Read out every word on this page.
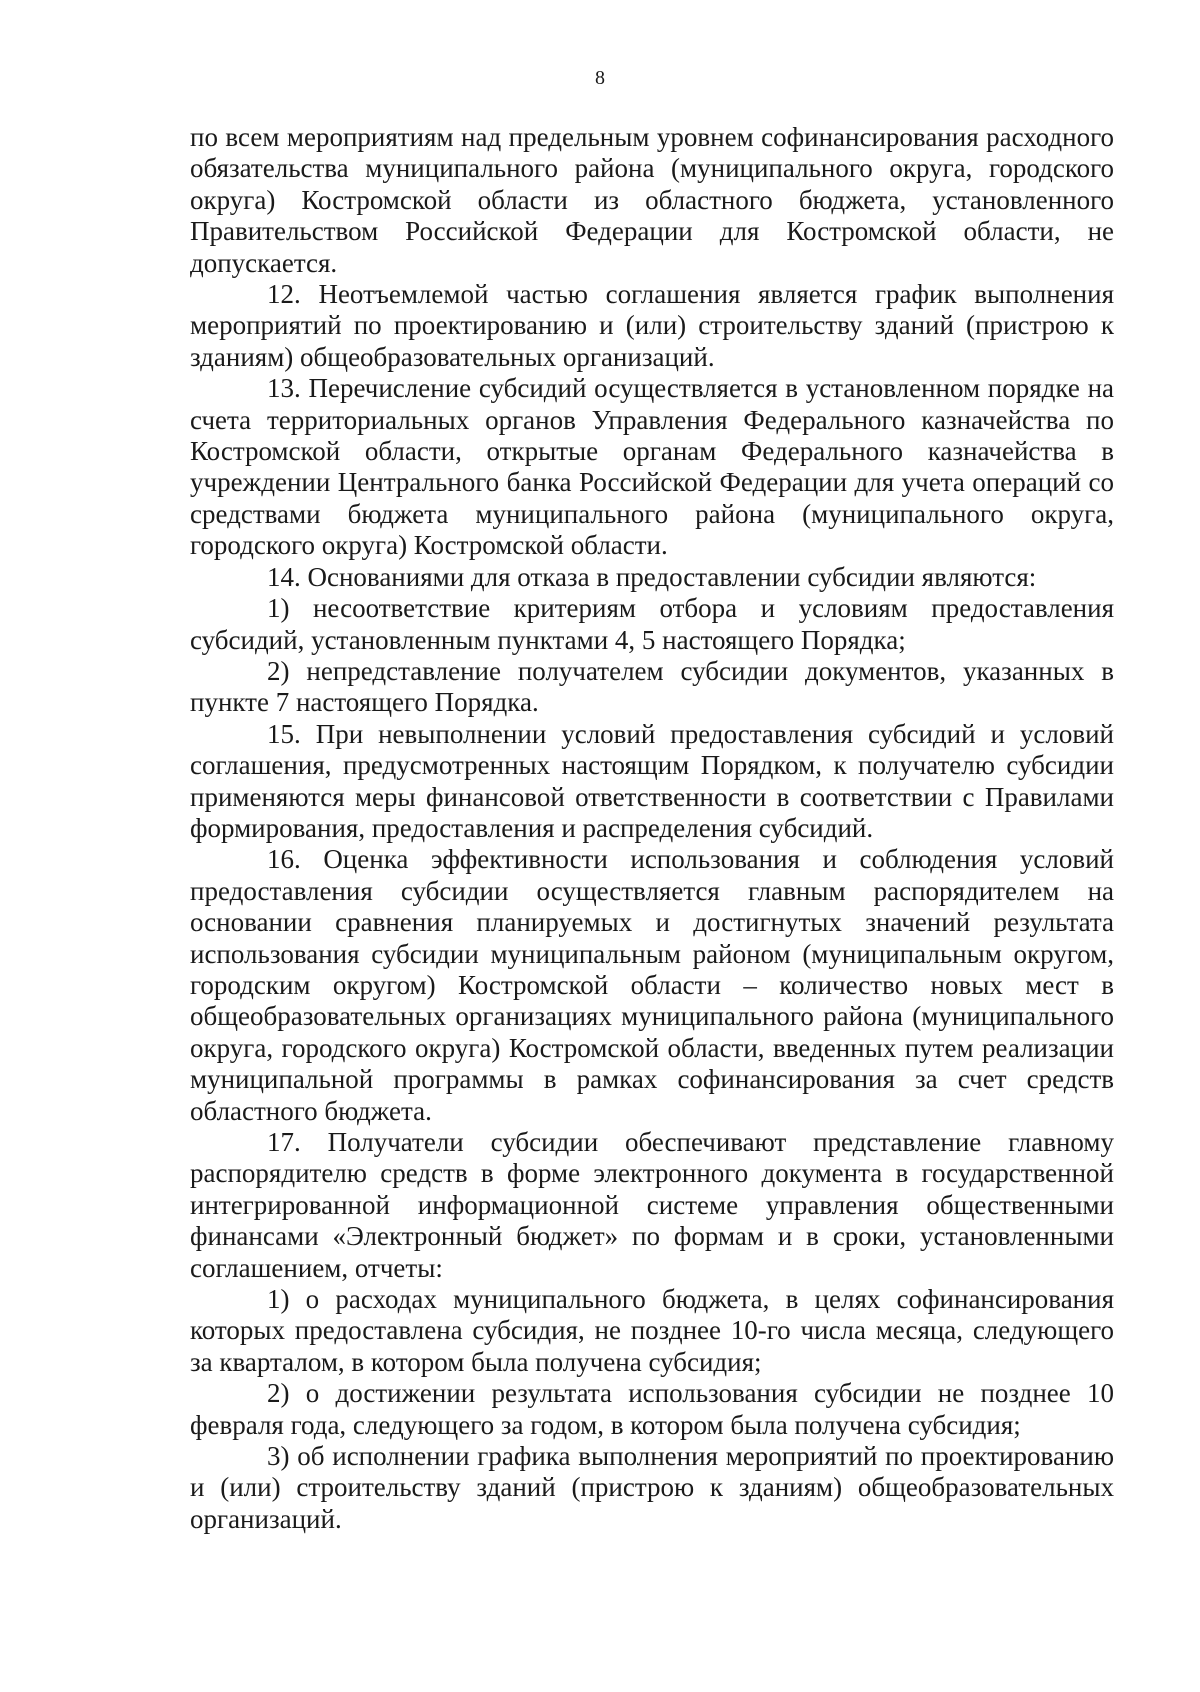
8

по всем мероприятиям над предельным уровнем софинансирования расходного обязательства муниципального района (муниципального округа, городского округа) Костромской области из областного бюджета, установленного Правительством Российской Федерации для Костромской области, не допускается.

12. Неотъемлемой частью соглашения является график выполнения мероприятий по проектированию и (или) строительству зданий (пристрою к зданиям) общеобразовательных организаций.

13. Перечисление субсидий осуществляется в установленном порядке на счета территориальных органов Управления Федерального казначейства по Костромской области, открытые органам Федерального казначейства в учреждении Центрального банка Российской Федерации для учета операций со средствами бюджета муниципального района (муниципального округа, городского округа) Костромской области.

14. Основаниями для отказа в предоставлении субсидии являются:

1) несоответствие критериям отбора и условиям предоставления субсидий, установленным пунктами 4, 5 настоящего Порядка;

2) непредставление получателем субсидии документов, указанных в пункте 7 настоящего Порядка.

15. При невыполнении условий предоставления субсидий и условий соглашения, предусмотренных настоящим Порядком, к получателю субсидии применяются меры финансовой ответственности в соответствии с Правилами формирования, предоставления и распределения субсидий.

16. Оценка эффективности использования и соблюдения условий предоставления субсидии осуществляется главным распорядителем на основании сравнения планируемых и достигнутых значений результата использования субсидии муниципальным районом (муниципальным округом, городским округом) Костромской области – количество новых мест в общеобразовательных организациях муниципального района (муниципального округа, городского округа) Костромской области, введенных путем реализации муниципальной программы в рамках софинансирования за счет средств областного бюджета.

17. Получатели субсидии обеспечивают представление главному распорядителю средств в форме электронного документа в государственной интегрированной информационной системе управления общественными финансами «Электронный бюджет» по формам и в сроки, установленными соглашением, отчеты:

1) о расходах муниципального бюджета, в целях софинансирования которых предоставлена субсидия, не позднее 10-го числа месяца, следующего за кварталом, в котором была получена субсидия;

2) о достижении результата использования субсидии не позднее 10 февраля года, следующего за годом, в котором была получена субсидия;

3) об исполнении графика выполнения мероприятий по проектированию и (или) строительству зданий (пристрою к зданиям) общеобразовательных организаций.
